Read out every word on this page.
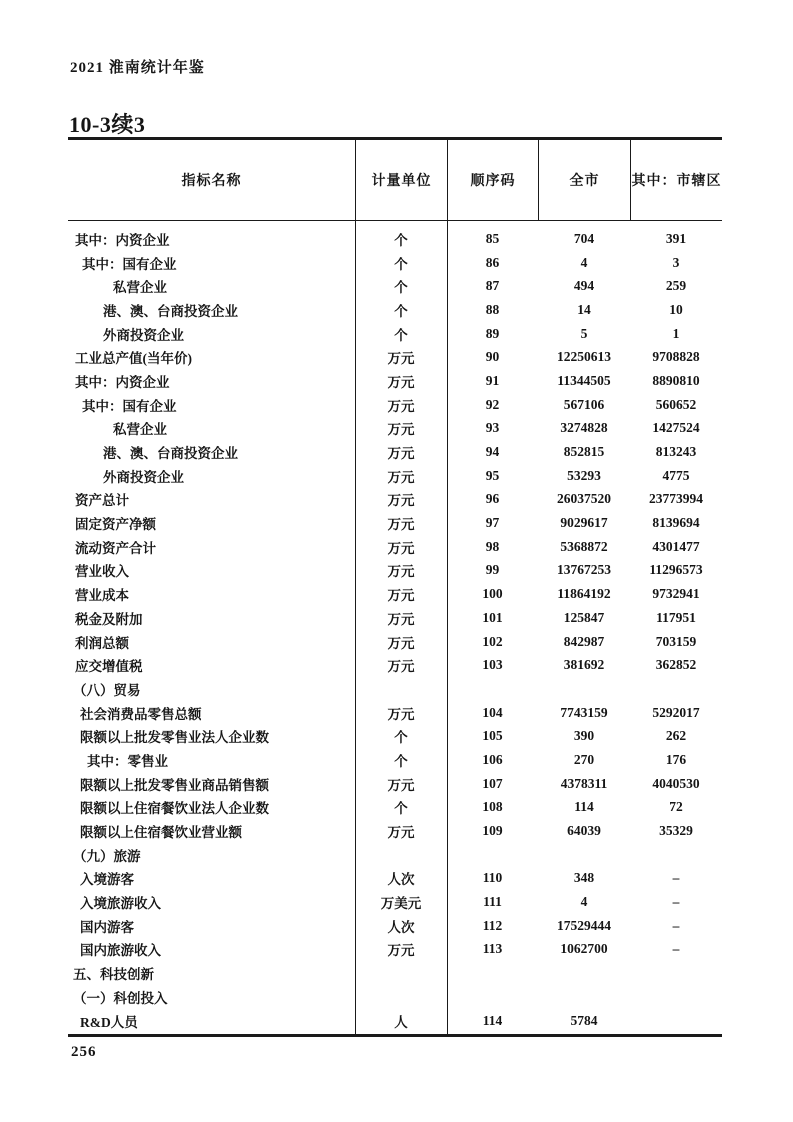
2021 淮南统计年鉴
10-3续3
指标名称	计量单位	顺序码	全市	其中：市辖区
其中：内资企业	个	85	704	391
其中：国有企业	个	86	4	3
私营企业	个	87	494	259
港、澳、台商投资企业	个	88	14	10
外商投资企业	个	89	5	1
工业总产值(当年价)	万元	90	12250613	9708828
其中：内资企业	万元	91	11344505	8890810
其中：国有企业	万元	92	567106	560652
私营企业	万元	93	3274828	1427524
港、澳、台商投资企业	万元	94	852815	813243
外商投资企业	万元	95	53293	4775
资产总计	万元	96	26037520	23773994
固定资产净额	万元	97	9029617	8139694
流动资产合计	万元	98	5368872	4301477
营业收入	万元	99	13767253	11296573
营业成本	万元	100	11864192	9732941
税金及附加	万元	101	125847	117951
利润总额	万元	102	842987	703159
应交增值税	万元	103	381692	362852
（八）贸易
社会消费品零售总额	万元	104	7743159	5292017
限额以上批发零售业法人企业数	个	105	390	262
其中：零售业	个	106	270	176
限额以上批发零售业商品销售额	万元	107	4378311	4040530
限额以上住宿餐饮业法人企业数	个	108	114	72
限额以上住宿餐饮业营业额	万元	109	64039	35329
（九）旅游
入境游客	人次	110	348	–
入境旅游收入	万美元	111	4	–
国内游客	人次	112	17529444	–
国内旅游收入	万元	113	1062700	–
五、科技创新
（一）科创投入
R&D人员	人	114	5784
256
